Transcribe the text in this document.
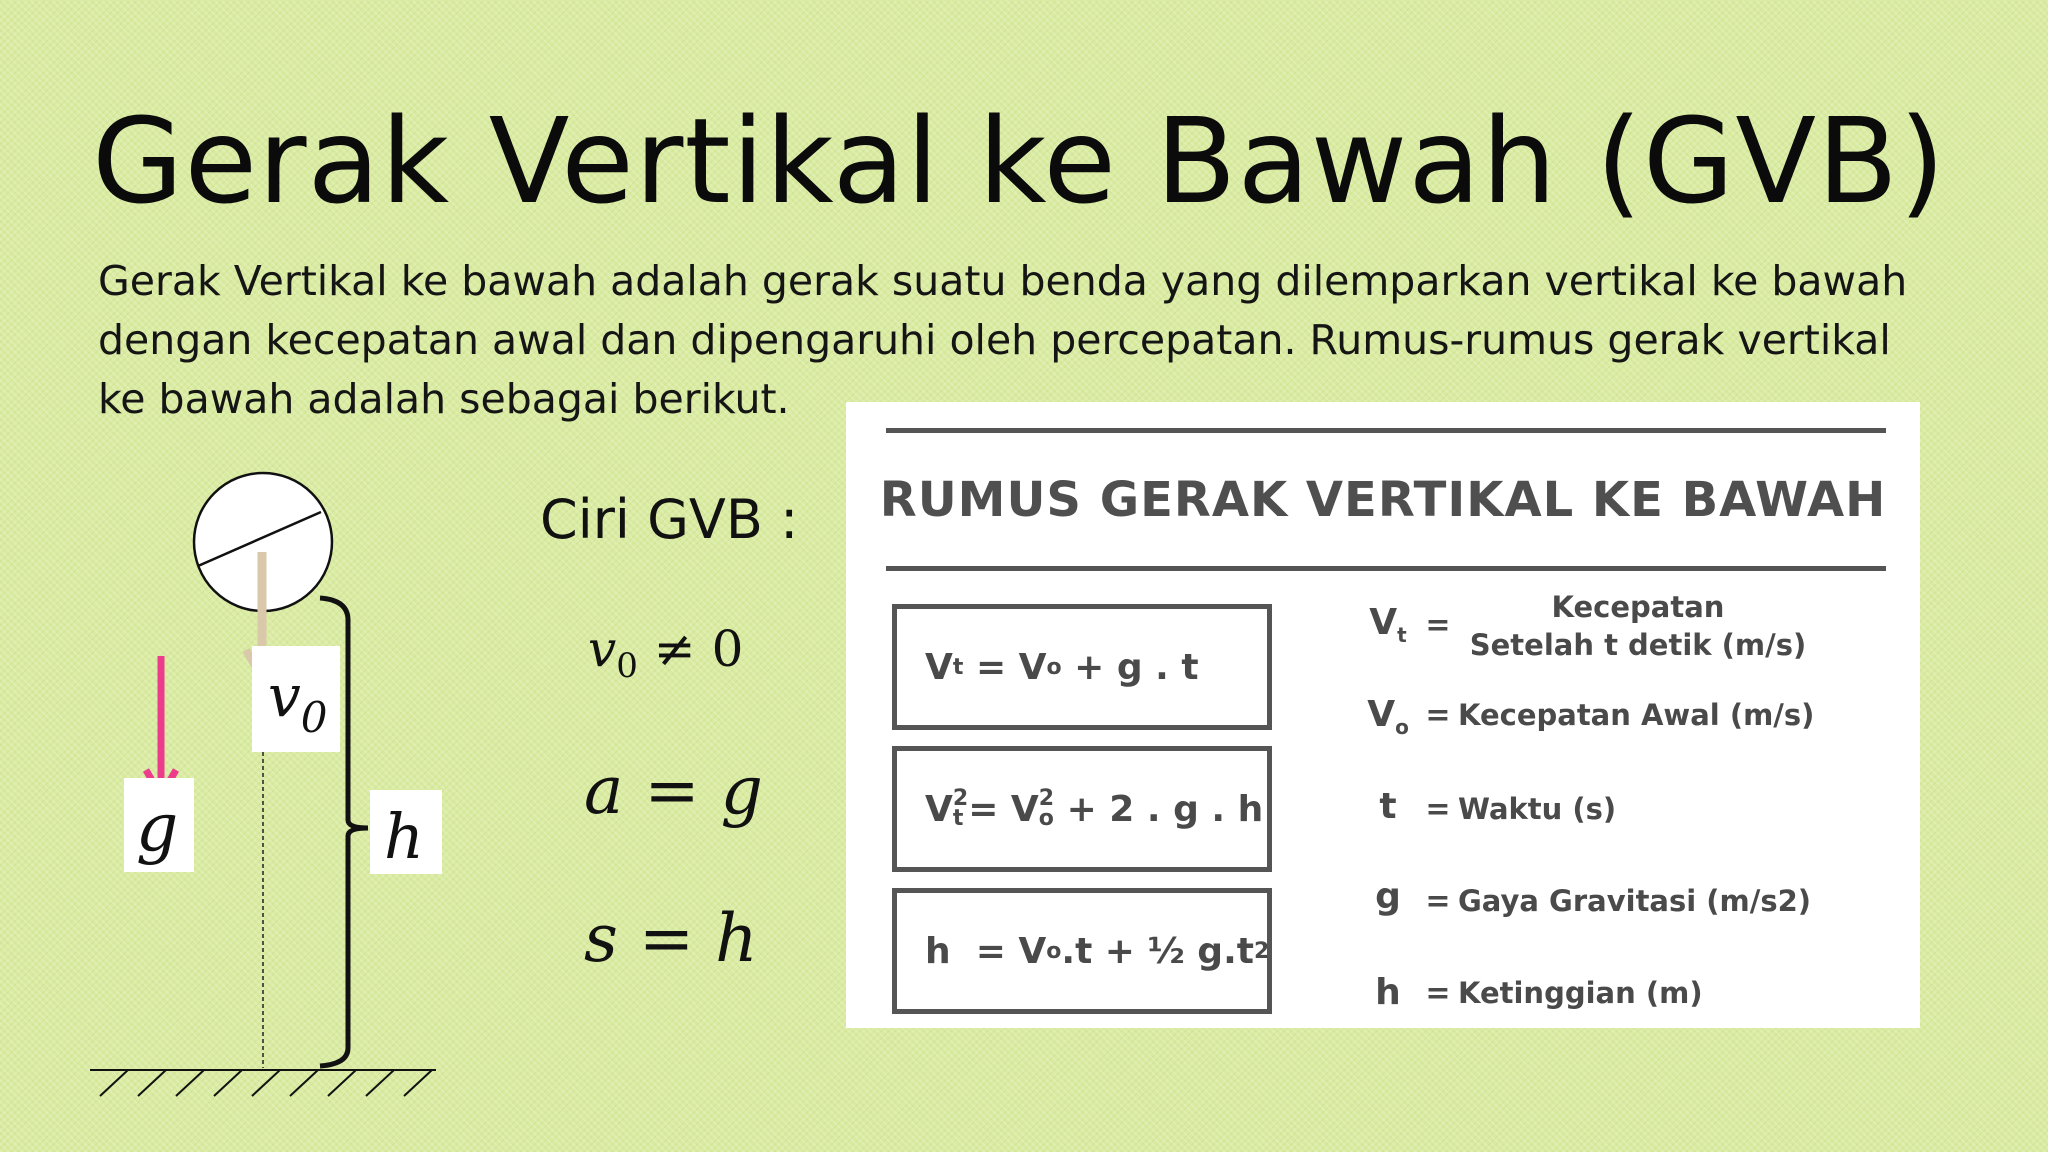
Gerak Vertikal ke Bawah (GVB)
Gerak Vertikal ke bawah adalah gerak suatu benda yang dilemparkan vertikal ke bawah dengan kecepatan awal dan dipengaruhi oleh percepatan. Rumus-rumus gerak vertikal ke bawah adalah sebagai berikut.
$v_0$
g	h
Ciri GVB :
$v_0 \ne 0$
a = g
s = h
RUMUS GERAK VERTIKAL KE BAWAH
V t = V o + g . t
V 2
t = V 2
o + 2 . g . h
h  = V o .t + ½ g.t 2
$V_t$ =
Kecepatan
Setelah t detik (m/s)
$V_o$ = Kecepatan Awal (m/s)
t = Waktu (s)
g = Gaya Gravitasi (m/s2)
h = Ketinggian (m)
